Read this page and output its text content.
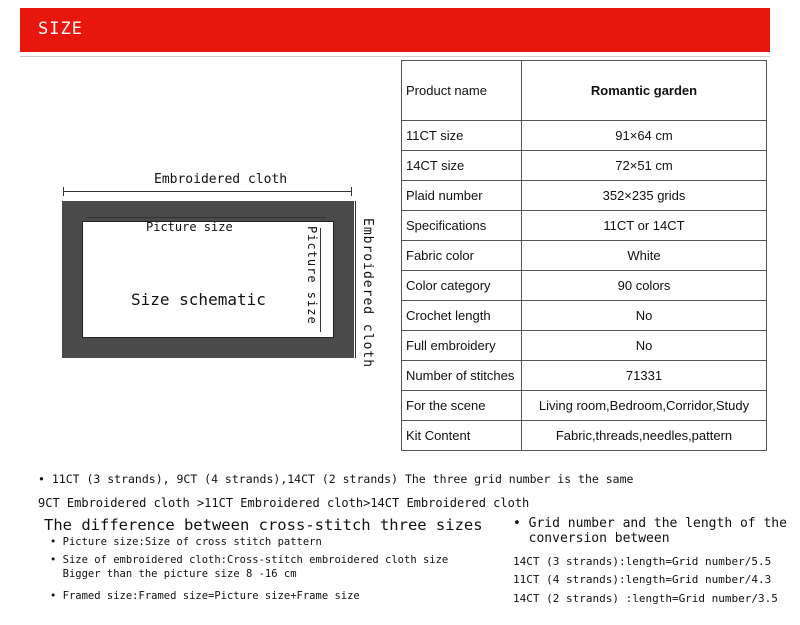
SIZE
Embroidered cloth
Picture size
Size schematic	Picture size	Embroidered cloth
Product name	Romantic garden
11CT size	91×64 cm
14CT size	72×51 cm
Plaid number	352×235 grids
Specifications	11CT or 14CT
Fabric color	White
Color category	90 colors
Crochet length	No
Full embroidery	No
Number of stitches	71331
For the scene	Living room,Bedroom,Corridor,Study
Kit Content	Fabric,threads,needles,pattern
• 11CT (3 strands), 9CT (4 strands),14CT (2 strands) The three grid number is the same
9CT Embroidered cloth >11CT Embroidered cloth>14CT Embroidered cloth
The difference between cross-stitch three sizes • Grid number and the length of the
conversion between
• Picture size:Size of cross stitch pattern
• Size of embroidered cloth:Cross-stitch embroidered cloth size
Bigger than the picture size 8 -16 cm
• Framed size:Framed size=Picture size+Frame size
14CT (3 strands):length=Grid number/5.5
11CT (4 strands):length=Grid number/4.3
14CT (2 strands) :length=Grid number/3.5
